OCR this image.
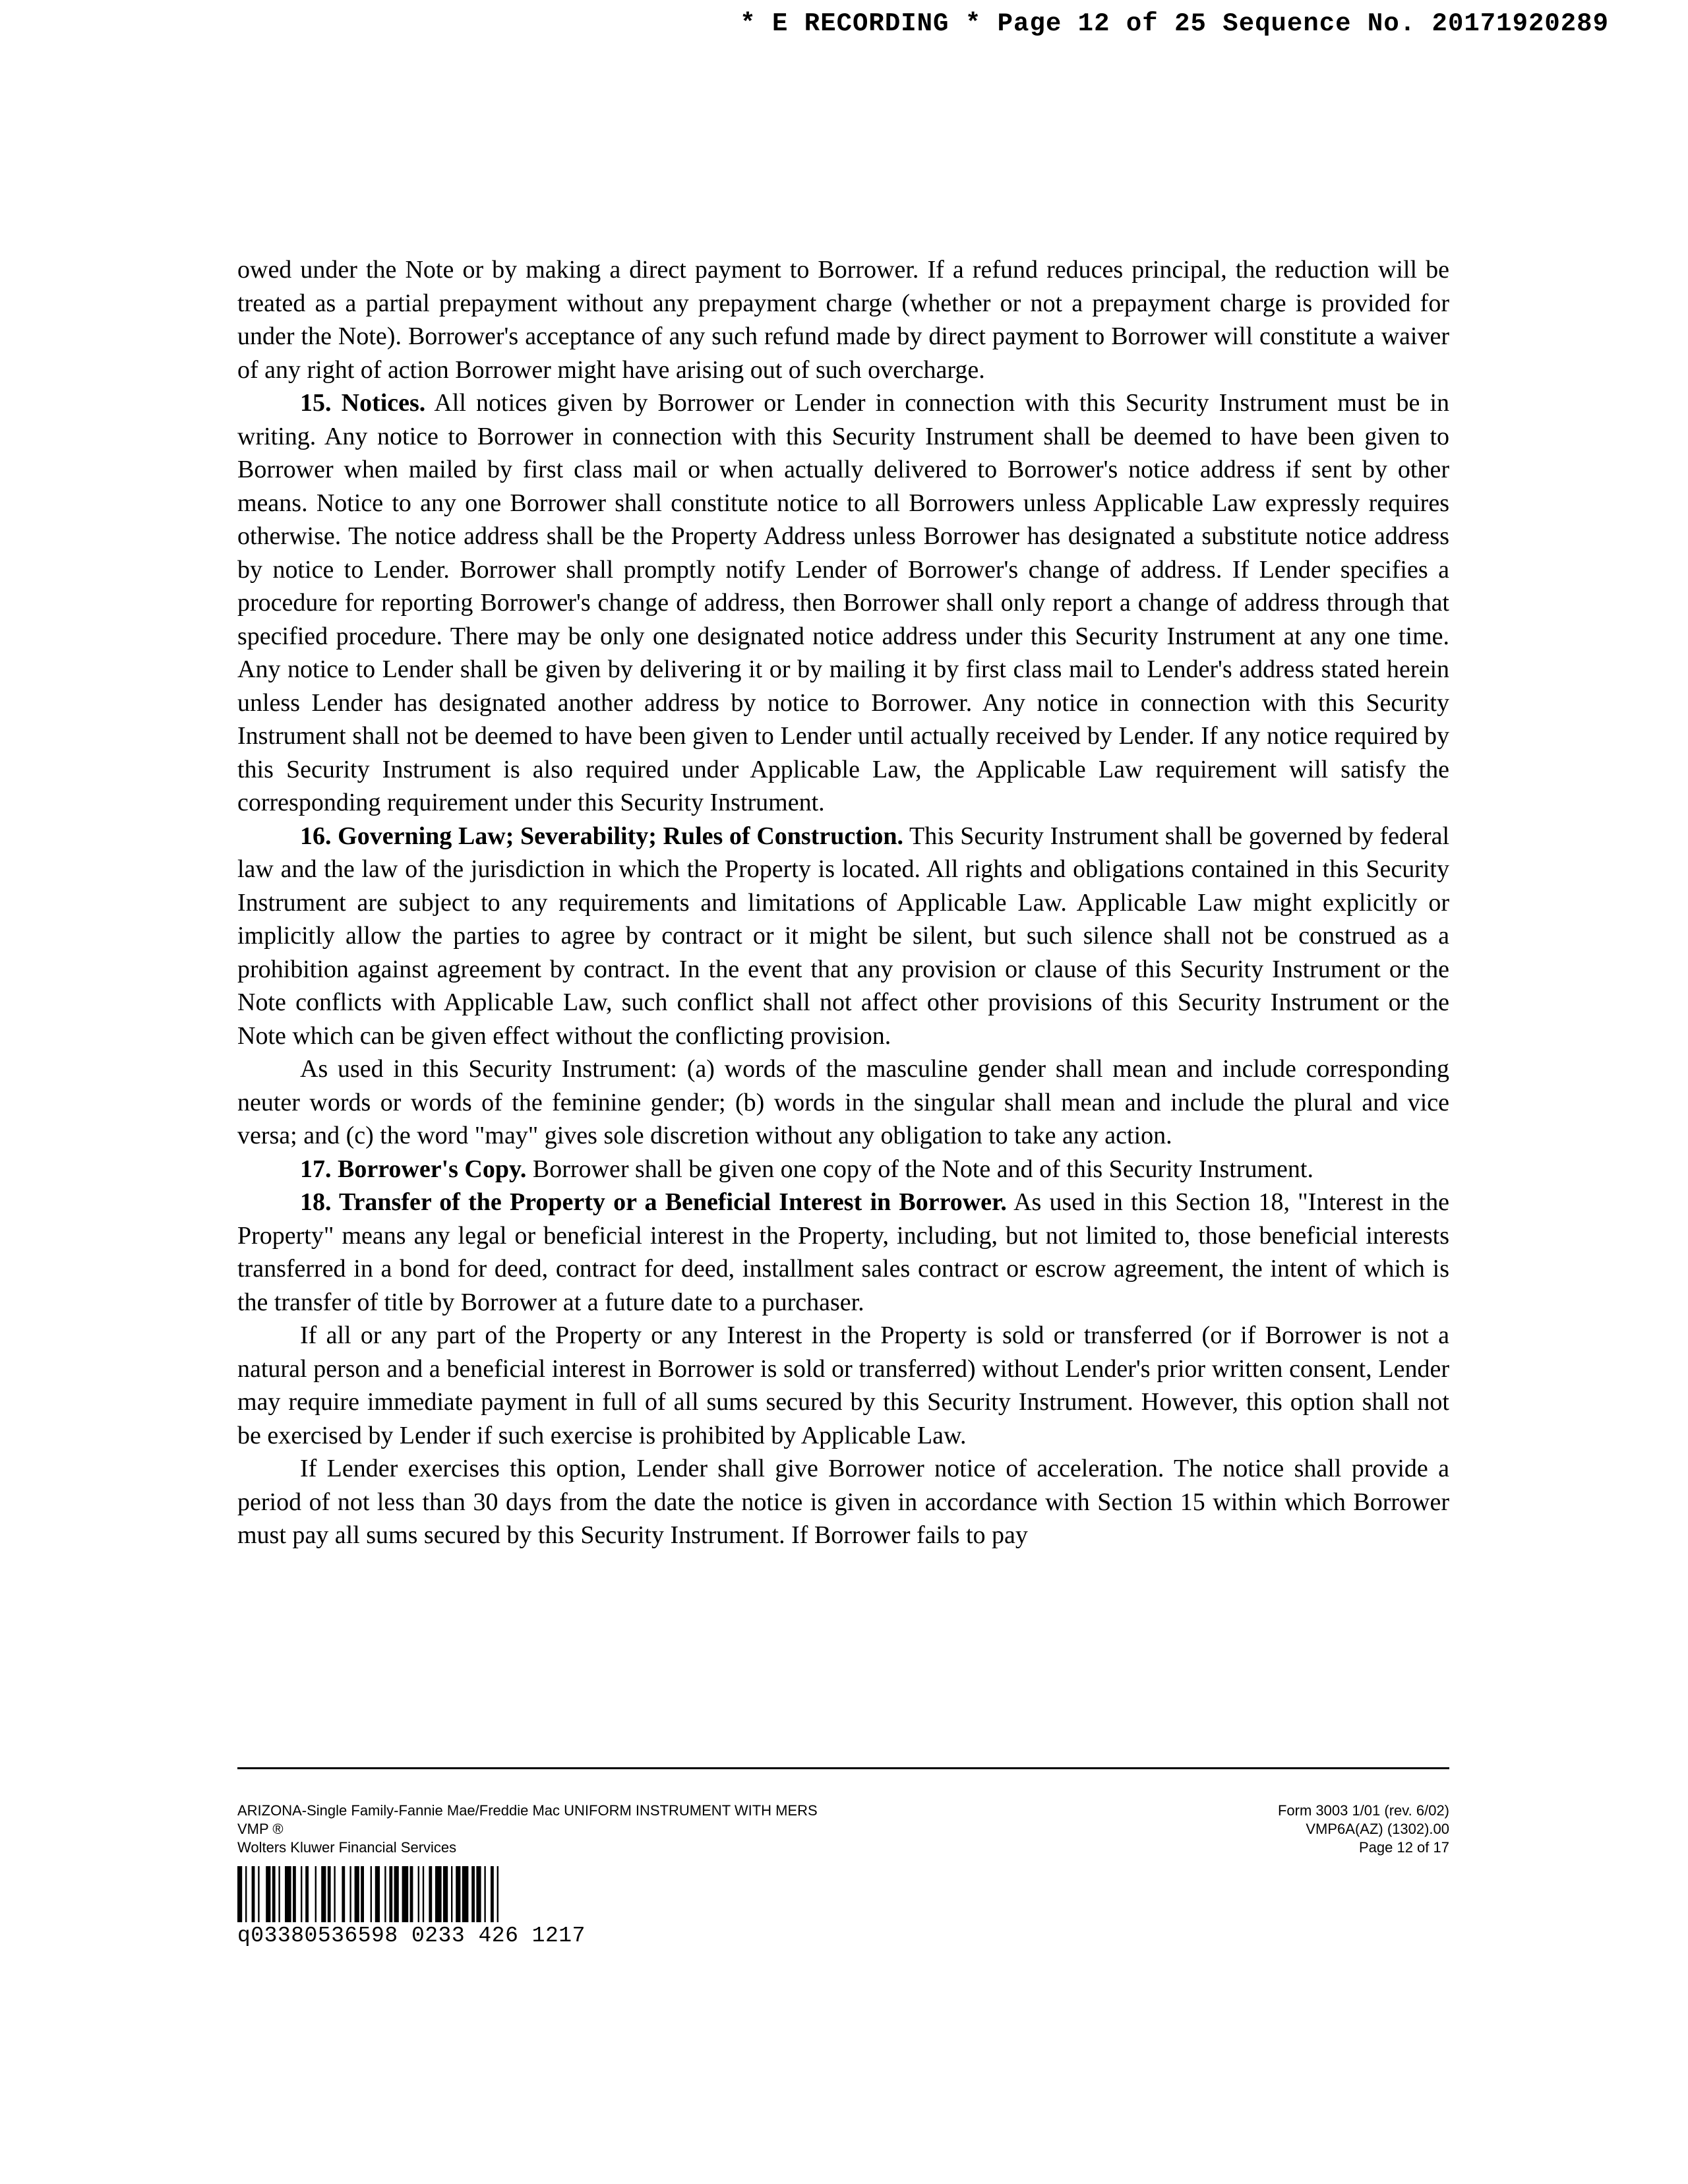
* E RECORDING * Page 12 of 25 Sequence No. 20171920289

owed under the Note or by making a direct payment to Borrower. If a refund reduces principal, the reduction will be treated as a partial prepayment without any prepayment charge (whether or not a prepayment charge is provided for under the Note). Borrower's acceptance of any such refund made by direct payment to Borrower will constitute a waiver of any right of action Borrower might have arising out of such overcharge.

15. Notices. All notices given by Borrower or Lender in connection with this Security Instrument must be in writing. Any notice to Borrower in connection with this Security Instrument shall be deemed to have been given to Borrower when mailed by first class mail or when actually delivered to Borrower's notice address if sent by other means. Notice to any one Borrower shall constitute notice to all Borrowers unless Applicable Law expressly requires otherwise. The notice address shall be the Property Address unless Borrower has designated a substitute notice address by notice to Lender. Borrower shall promptly notify Lender of Borrower's change of address. If Lender specifies a procedure for reporting Borrower's change of address, then Borrower shall only report a change of address through that specified procedure. There may be only one designated notice address under this Security Instrument at any one time. Any notice to Lender shall be given by delivering it or by mailing it by first class mail to Lender's address stated herein unless Lender has designated another address by notice to Borrower. Any notice in connection with this Security Instrument shall not be deemed to have been given to Lender until actually received by Lender. If any notice required by this Security Instrument is also required under Applicable Law, the Applicable Law requirement will satisfy the corresponding requirement under this Security Instrument.

16. Governing Law; Severability; Rules of Construction. This Security Instrument shall be governed by federal law and the law of the jurisdiction in which the Property is located. All rights and obligations contained in this Security Instrument are subject to any requirements and limitations of Applicable Law. Applicable Law might explicitly or implicitly allow the parties to agree by contract or it might be silent, but such silence shall not be construed as a prohibition against agreement by contract. In the event that any provision or clause of this Security Instrument or the Note conflicts with Applicable Law, such conflict shall not affect other provisions of this Security Instrument or the Note which can be given effect without the conflicting provision.

As used in this Security Instrument: (a) words of the masculine gender shall mean and include corresponding neuter words or words of the feminine gender; (b) words in the singular shall mean and include the plural and vice versa; and (c) the word "may" gives sole discretion without any obligation to take any action.

17. Borrower's Copy. Borrower shall be given one copy of the Note and of this Security Instrument.

18. Transfer of the Property or a Beneficial Interest in Borrower. As used in this Section 18, "Interest in the Property" means any legal or beneficial interest in the Property, including, but not limited to, those beneficial interests transferred in a bond for deed, contract for deed, installment sales contract or escrow agreement, the intent of which is the transfer of title by Borrower at a future date to a purchaser.

If all or any part of the Property or any Interest in the Property is sold or transferred (or if Borrower is not a natural person and a beneficial interest in Borrower is sold or transferred) without Lender's prior written consent, Lender may require immediate payment in full of all sums secured by this Security Instrument. However, this option shall not be exercised by Lender if such exercise is prohibited by Applicable Law.

If Lender exercises this option, Lender shall give Borrower notice of acceleration. The notice shall provide a period of not less than 30 days from the date the notice is given in accordance with Section 15 within which Borrower must pay all sums secured by this Security Instrument. If Borrower fails to pay

ARIZONA-Single Family-Fannie Mae/Freddie Mac UNIFORM INSTRUMENT WITH MERS
VMP ®
Wolters Kluwer Financial Services
Form 3003 1/01 (rev. 6/02)
VMP6A(AZ) (1302).00
Page 12 of 17
q03380536598 0233 426 1217
